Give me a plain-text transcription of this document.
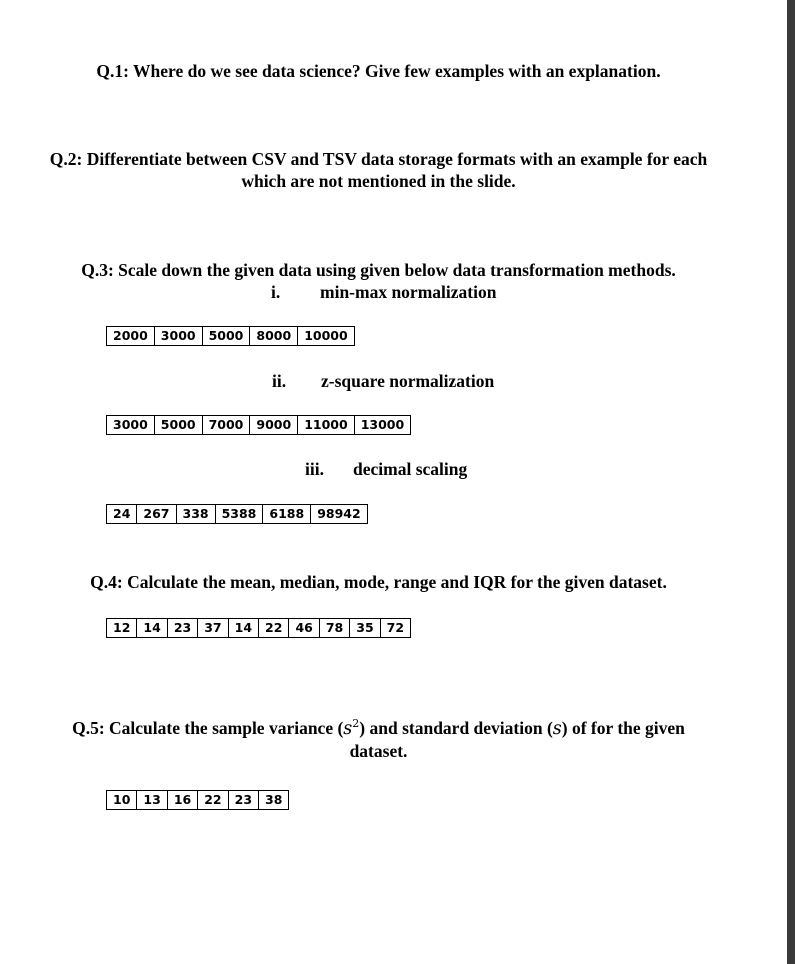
Q.1: Where do we see data science? Give few examples with an explanation.
Q.2: Differentiate between CSV and TSV data storage formats with an example for each
which are not mentioned in the slide.
Q.3: Scale down the given data using given below data transformation methods.
i. min-max normalization
2000	3000	5000	8000	10000
ii. z-square normalization
3000	5000	7000	9000	11000	13000
iii. decimal scaling
24	267	338	5388	6188	98942
Q.4: Calculate the mean, median, mode, range and IQR for the given dataset.
12	14	23	37	14	22	46	78	35	72
Q.5: Calculate the sample variance $(s^2)$ and standard deviation (s) of for the given
dataset.
10	13	16	22	23	38
